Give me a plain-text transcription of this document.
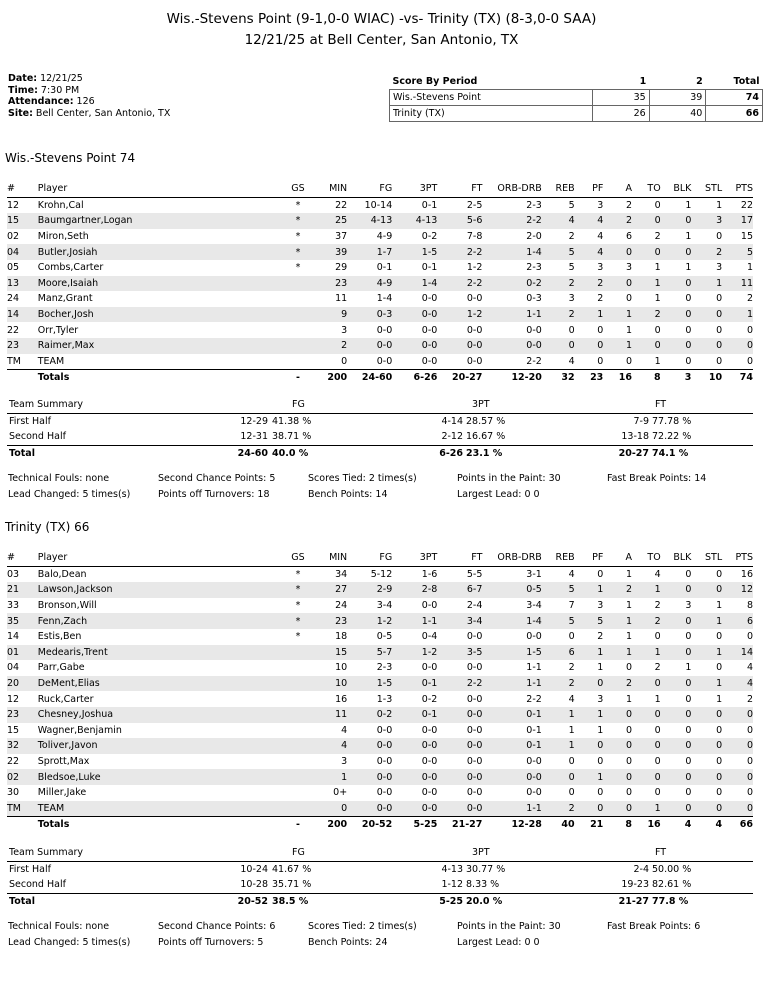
Wis.-Stevens Point (9-1,0-0 WIAC) -vs- Trinity (TX) (8-3,0-0 SAA)
12/21/25 at Bell Center, San Antonio, TX
Date: 12/21/25
Time: 7:30 PM
Attendance: 126
Site: Bell Center, San Antonio, TX
Score By Period	1	2	Total
Wis.-Stevens Point	35	39	74
Trinity (TX)	26	40	66
Wis.-Stevens Point 74
#	Player	GS	MIN	FG	3PT	FT	ORB-DRB	REB	PF	A	TO	BLK	STL	PTS
12	Krohn,Cal	*	22	10-14	0-1	2-5	2-3	5	3	2	0	1	1	22
15	Baumgartner,Logan	*	25	4-13	4-13	5-6	2-2	4	4	2	0	0	3	17
02	Miron,Seth	*	37	4-9	0-2	7-8	2-0	2	4	6	2	1	0	15
04	Butler,Josiah	*	39	1-7	1-5	2-2	1-4	5	4	0	0	0	2	5
05	Combs,Carter	*	29	0-1	0-1	1-2	2-3	5	3	3	1	1	3	1
13	Moore,Isaiah		23	4-9	1-4	2-2	0-2	2	2	0	1	0	1	11
24	Manz,Grant		11	1-4	0-0	0-0	0-3	3	2	0	1	0	0	2
14	Bocher,Josh		9	0-3	0-0	1-2	1-1	2	1	1	2	0	0	1
22	Orr,Tyler		3	0-0	0-0	0-0	0-0	0	0	1	0	0	0	0
23	Raimer,Max		2	0-0	0-0	0-0	0-0	0	0	1	0	0	0	0
TM	TEAM		0	0-0	0-0	0-0	2-2	4	0	0	1	0	0	0
	Totals	-	200	24-60	6-26	20-27	12-20	32	23	16	8	3	10	74
Team Summary	FG	3PT	FT
First Half	12-29 41.38 %	4-14 28.57 %	7-9 77.78 %
Second Half	12-31 38.71 %	2-12 16.67 %	13-18 72.22 %
Total	24-60 40.0 %	6-26 23.1 %	20-27 74.1 %
Technical Fouls: none	Second Chance Points: 5	Scores Tied: 2 times(s)	Points in the Paint: 30	Fast Break Points: 14
Lead Changed: 5 times(s)	Points off Turnovers: 18	Bench Points: 14	Largest Lead: 0 0
Trinity (TX) 66
#	Player	GS	MIN	FG	3PT	FT	ORB-DRB	REB	PF	A	TO	BLK	STL	PTS
03	Balo,Dean	*	34	5-12	1-6	5-5	3-1	4	0	1	4	0	0	16
21	Lawson,Jackson	*	27	2-9	2-8	6-7	0-5	5	1	2	1	0	0	12
33	Bronson,Will	*	24	3-4	0-0	2-4	3-4	7	3	1	2	3	1	8
35	Fenn,Zach	*	23	1-2	1-1	3-4	1-4	5	5	1	2	0	1	6
14	Estis,Ben	*	18	0-5	0-4	0-0	0-0	0	2	1	0	0	0	0
01	Medearis,Trent		15	5-7	1-2	3-5	1-5	6	1	1	1	0	1	14
04	Parr,Gabe		10	2-3	0-0	0-0	1-1	2	1	0	2	1	0	4
20	DeMent,Elias		10	1-5	0-1	2-2	1-1	2	0	2	0	0	1	4
12	Ruck,Carter		16	1-3	0-2	0-0	2-2	4	3	1	1	0	1	2
23	Chesney,Joshua		11	0-2	0-1	0-0	0-1	1	1	0	0	0	0	0
15	Wagner,Benjamin		4	0-0	0-0	0-0	0-1	1	1	0	0	0	0	0
32	Toliver,Javon		4	0-0	0-0	0-0	0-1	1	0	0	0	0	0	0
22	Sprott,Max		3	0-0	0-0	0-0	0-0	0	0	0	0	0	0	0
02	Bledsoe,Luke		1	0-0	0-0	0-0	0-0	0	1	0	0	0	0	0
30	Miller,Jake		0+	0-0	0-0	0-0	0-0	0	0	0	0	0	0	0
TM	TEAM		0	0-0	0-0	0-0	1-1	2	0	0	1	0	0	0
	Totals	-	200	20-52	5-25	21-27	12-28	40	21	8	16	4	4	66
Team Summary	FG	3PT	FT
First Half	10-24 41.67 %	4-13 30.77 %	2-4 50.00 %
Second Half	10-28 35.71 %	1-12 8.33 %	19-23 82.61 %
Total	20-52 38.5 %	5-25 20.0 %	21-27 77.8 %
Technical Fouls: none	Second Chance Points: 6	Scores Tied: 2 times(s)	Points in the Paint: 30	Fast Break Points: 6
Lead Changed: 5 times(s)	Points off Turnovers: 5	Bench Points: 24	Largest Lead: 0 0
